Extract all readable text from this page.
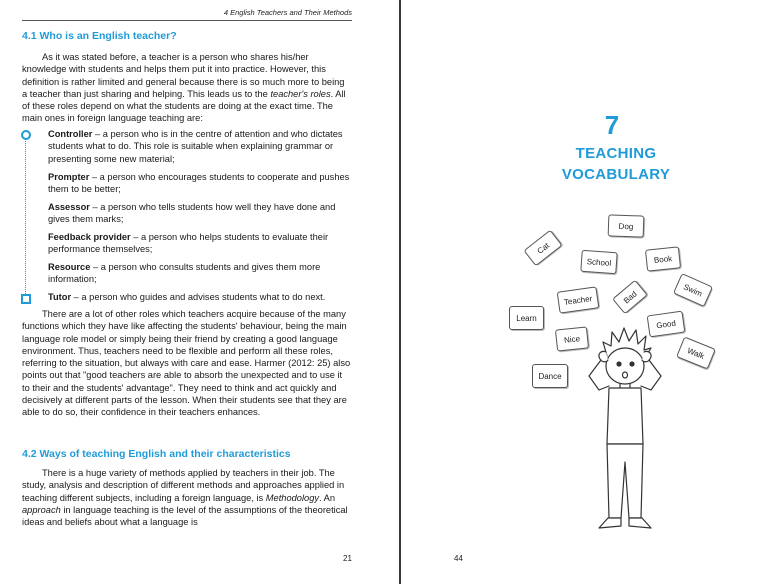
4 English Teachers and Their Methods
4.1 Who is an English teacher?

As it was stated before, a teacher is a person who shares his/her knowledge with students and helps them put it into practice. However, this definition is rather limited and general because there is so much more to being a teacher than just sharing and helping. This leads us to the teacher's roles. All of these roles depend on what the students are doing at the exact time. The main ones in foreign language teaching are:

Controller – a person who is in the centre of attention and who dictates students what to do. This role is suitable when explaining grammar or presenting some new material;

Prompter – a person who encourages students to cooperate and pushes them to be better;

Assessor – a person who tells students how well they have done and gives them marks;

Feedback provider – a person who helps students to evaluate their performance themselves;

Resource – a person who consults students and gives them more information;

Tutor – a person who guides and advises students what to do next.

There are a lot of other roles which teachers acquire because of the many functions which they have like affecting the students' behaviour, being the main language role model or simply being their friend by creating a good language environment. Thus, teachers need to be flexible and perform all these roles, referring to the situation, but always with care and ease. Harmer (2012: 25) also points out that "good teachers are able to absorb the unexpected and to use it to their and the students' advantage". They need to think and act quickly and decisively at different parts of the lesson. When their students see that they are able to do so, their confidence in their teachers enhances.

4.2 Ways of teaching English and their characteristics

There is a huge variety of methods applied by teachers in their job. The study, analysis and description of different methods and approaches applied in teaching different subjects, including a foreign language, is Methodology. An approach in language teaching is the level of the assumptions of the theoretical ideas and beliefs about what a language is

21
7
TEACHING
VOCABULARY
Dog
Cat
School	Book
Swim
Teacher	Bad
Learn
Good
Nice
Walk
Dance
44
